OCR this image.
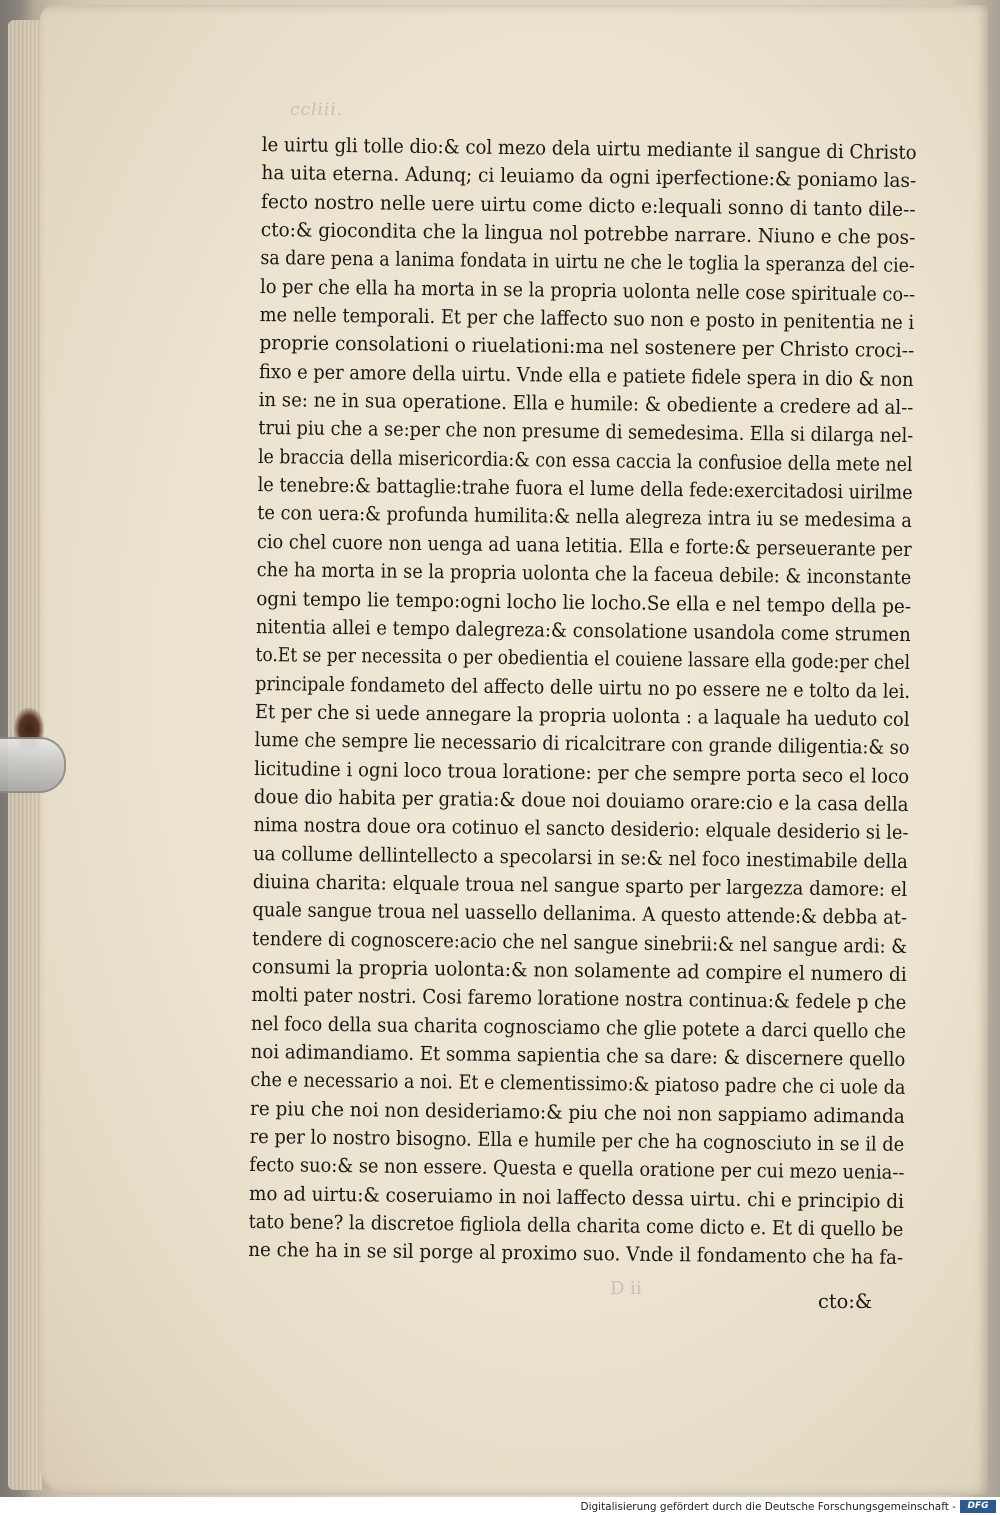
ccliii.
le uirtu gli tolle dio:& col mezo dela uirtu mediante il sangue di Christo
ha uita eterna. Adunq; ci leuiamo da ogni iperfectione:& poniamo las-
fecto nostro nelle uere uirtu come dicto e:lequali sonno di tanto dile--
cto:& giocondita che la lingua nol potrebbe narrare. Niuno e che pos-
sa dare pena a lanima fondata in uirtu ne che le toglia la speranza del cie-
lo per che ella ha morta in se la propria uolonta nelle cose spirituale co--
me nelle temporali. Et per che laffecto suo non e posto in penitentia ne i
proprie consolationi o riuelationi:ma nel sostenere per Christo croci--
fixo e per amore della uirtu. Vnde ella e patiete fidele spera in dio & non
in se: ne in sua operatione. Ella e humile: & obediente a credere ad al--
trui piu che a se:per che non presume di semedesima. Ella si dilarga nel-
le braccia della misericordia:& con essa caccia la confusioe della mete nel
le tenebre:& battaglie:trahe fuora el lume della fede:exercitadosi uirilme
te con uera:& profunda humilita:& nella alegreza intra iu se medesima a
cio chel cuore non uenga ad uana letitia. Ella e forte:& perseuerante per
che ha morta in se la propria uolonta che la faceua debile: & inconstante
ogni tempo lie tempo:ogni locho lie locho.Se ella e nel tempo della pe-
nitentia allei e tempo dalegreza:& consolatione usandola come strumen
to.Et se per necessita o per obedientia el couiene lassare ella gode:per chel
principale fondameto del affecto delle uirtu no po essere ne e tolto da lei.
Et per che si uede annegare la propria uolonta : a laquale ha ueduto col
lume che sempre lie necessario di ricalcitrare con grande diligentia:& so
licitudine i ogni loco troua loratione: per che sempre porta seco el loco
doue dio habita per gratia:& doue noi douiamo orare:cio e la casa della
nima nostra doue ora cotinuo el sancto desiderio: elquale desiderio si le-
ua collume dellintellecto a specolarsi in se:& nel foco inestimabile della
diuina charita: elquale troua nel sangue sparto per largezza damore: el
quale sangue troua nel uassello dellanima. A questo attende:& debba at-
tendere di cognoscere:acio che nel sangue sinebrii:& nel sangue ardi: &
consumi la propria uolonta:& non solamente ad compire el numero di
molti pater nostri. Cosi faremo loratione nostra continua:& fedele p che
nel foco della sua charita cognosciamo che glie potete a darci quello che
noi adimandiamo. Et somma sapientia che sa dare: & discernere quello
che e necessario a noi. Et e clementissimo:& piatoso padre che ci uole da
re piu che noi non desideriamo:& piu che noi non sappiamo adimanda
re per lo nostro bisogno. Ella e humile per che ha cognosciuto in se il de
fecto suo:& se non essere. Questa e quella oratione per cui mezo uenia--
mo ad uirtu:& coseruiamo in noi laffecto dessa uirtu. chi e principio di
tato bene? la discretoe figliola della charita come dicto e. Et di quello be
ne che ha in se sil porge al proximo suo. Vnde il fondamento che ha fa-
D ii
cto:&
Digitalisierung gefördert durch die Deutsche Forschungsgemeinschaft -	DFG
